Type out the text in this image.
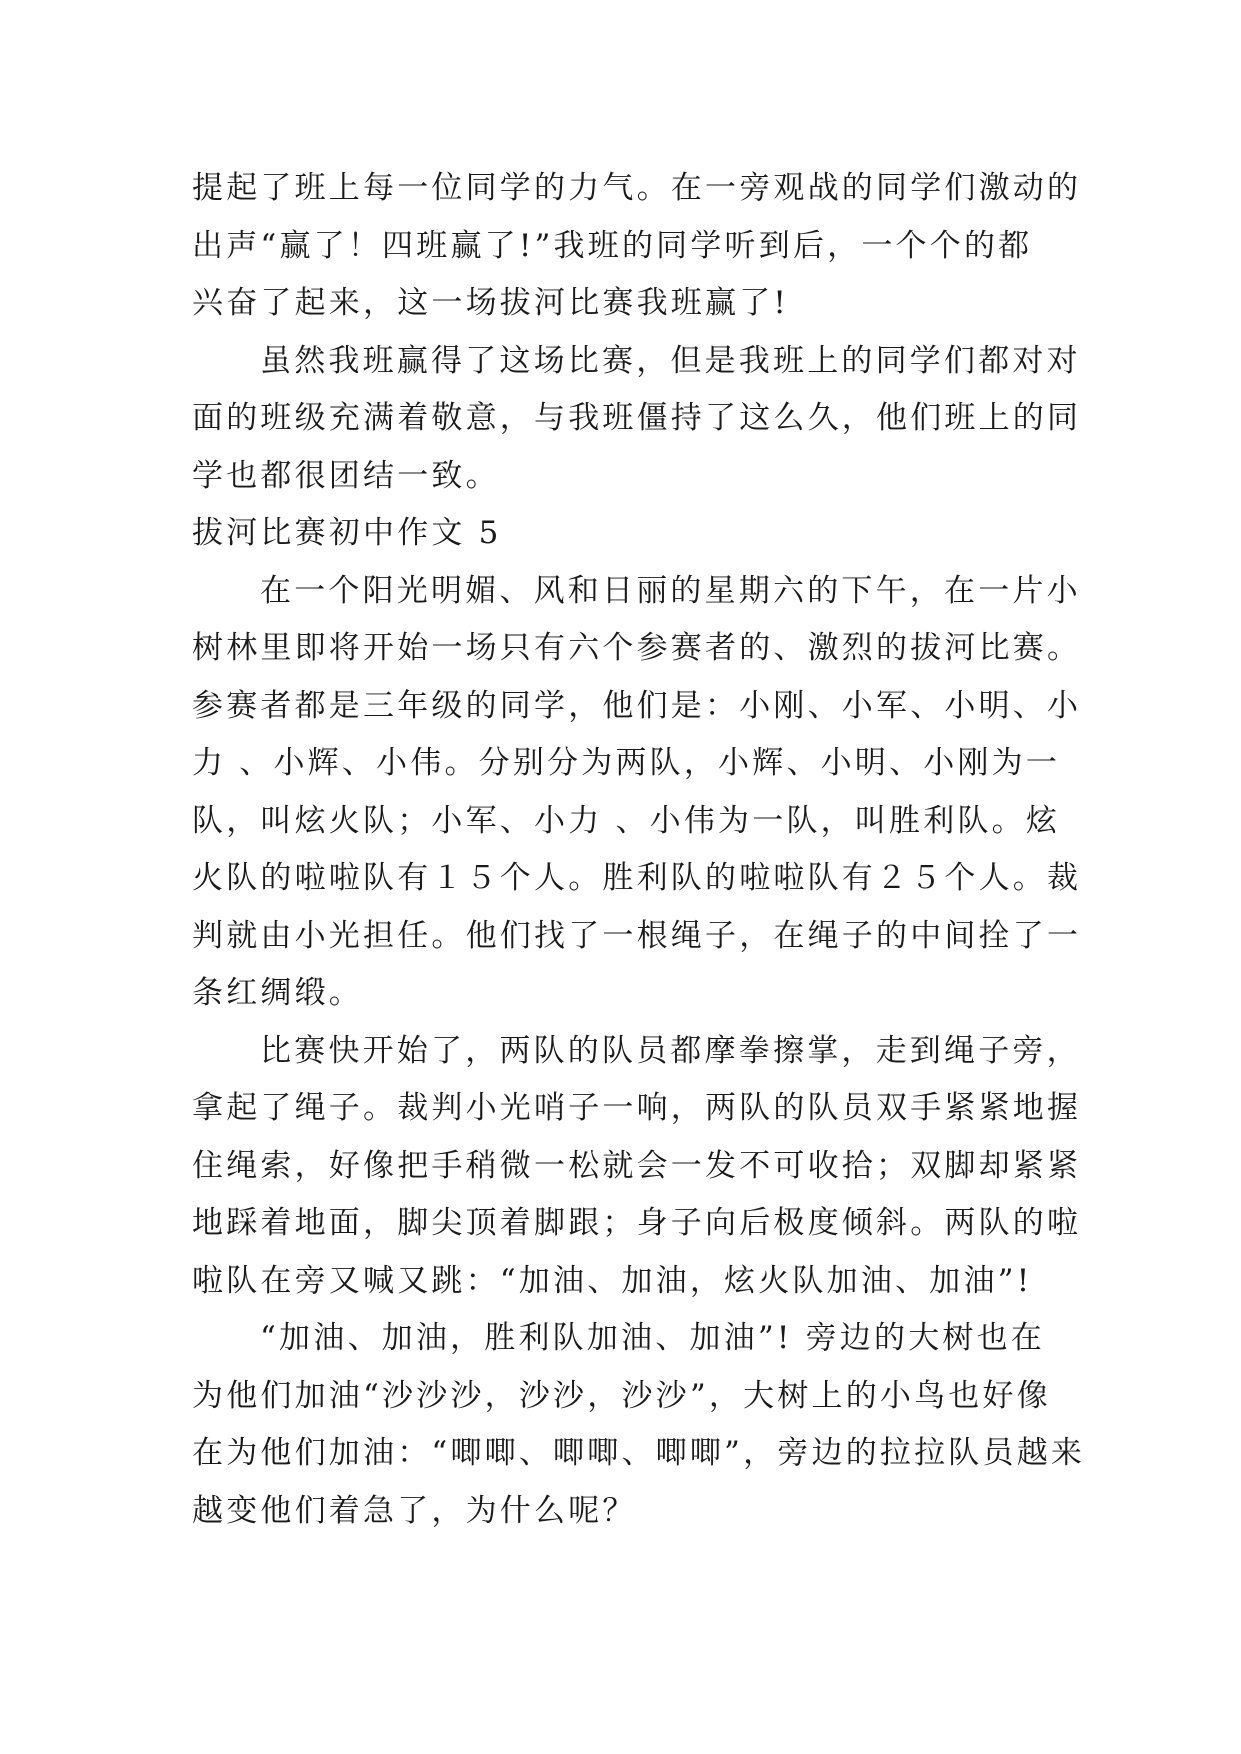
提起了班上每一位同学的力气。在一旁观战的同学们激动的
出声“赢了！四班赢了!”我班的同学听到后，一个个的都
兴奋了起来，这一场拔河比赛我班赢了!
虽然我班赢得了这场比赛，但是我班上的同学们都对对
面的班级充满着敬意，与我班僵持了这么久，他们班上的同
学也都很团结一致。
拔河比赛初中作文 5
在一个阳光明媚、风和日丽的星期六的下午，在一片小
树林里即将开始一场只有六个参赛者的、激烈的拔河比赛。
参赛者都是三年级的同学，他们是：小刚、小军、小明、小
力 、小辉、小伟。分别分为两队，小辉、小明、小刚为一
队，叫炫火队；小军、小力 、小伟为一队，叫胜利队。炫
火队的啦啦队有１５个人。胜利队的啦啦队有２５个人。裁
判就由小光担任。他们找了一根绳子，在绳子的中间拴了一
条红绸缎。
比赛快开始了，两队的队员都摩拳擦掌，走到绳子旁，
拿起了绳子。裁判小光哨子一响，两队的队员双手紧紧地握
住绳索，好像把手稍微一松就会一发不可收拾；双脚却紧紧
地踩着地面，脚尖顶着脚跟；身子向后极度倾斜。两队的啦
啦队在旁又喊又跳：“加油、加油，炫火队加油、加油”!
“加油、加油，胜利队加油、加油”! 旁边的大树也在
为他们加油“沙沙沙，沙沙，沙沙”，大树上的小鸟也好像
在为他们加油：“唧唧、唧唧、唧唧”，旁边的拉拉队员越来
越变他们着急了，为什么呢？
